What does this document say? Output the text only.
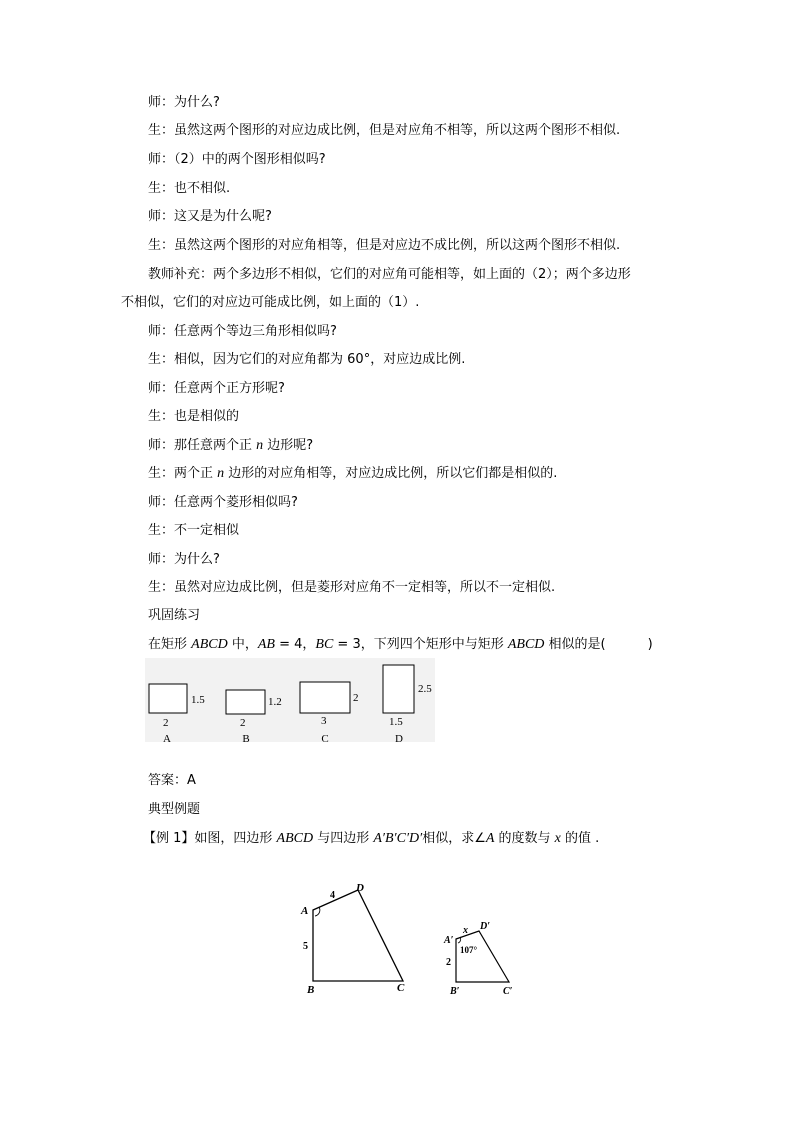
师：为什么?
生：虽然这两个图形的对应边成比例，但是对应角不相等，所以这两个图形不相似.
师：（2）中的两个图形相似吗?
生：也不相似.
师：这又是为什么呢?
生：虽然这两个图形的对应角相等，但是对应边不成比例，所以这两个图形不相似.
教师补充：两个多边形不相似，它们的对应角可能相等，如上面的（2）；两个多边形
不相似，它们的对应边可能成比例，如上面的（1）.
师：任意两个等边三角形相似吗?
生：相似，因为它们的对应角都为 60°，对应边成比例.
师：任意两个正方形呢?
生：也是相似的
师：那任意两个正 n 边形呢?
生：两个正 n 边形的对应角相等，对应边成比例，所以它们都是相似的.
师：任意两个菱形相似吗?
生：不一定相似
师：为什么?
生：虽然对应边成比例，但是菱形对应角不一定相等，所以不一定相似.
巩固练习
在矩形 ABCD 中，AB = 4，BC = 3，下列四个矩形中与矩形 ABCD 相似的是(	)
1.5
2
A
1.2
2
B
2
3
C
2.5
1.5
D
答案：A
典型例题
【例 1】如图，四边形 ABCD 与四边形 A′B′C′D′相似，求∠A 的度数与 x 的值 .
A
D
B	C
4
5
A′
D′
B′	C′
x
2
107°
